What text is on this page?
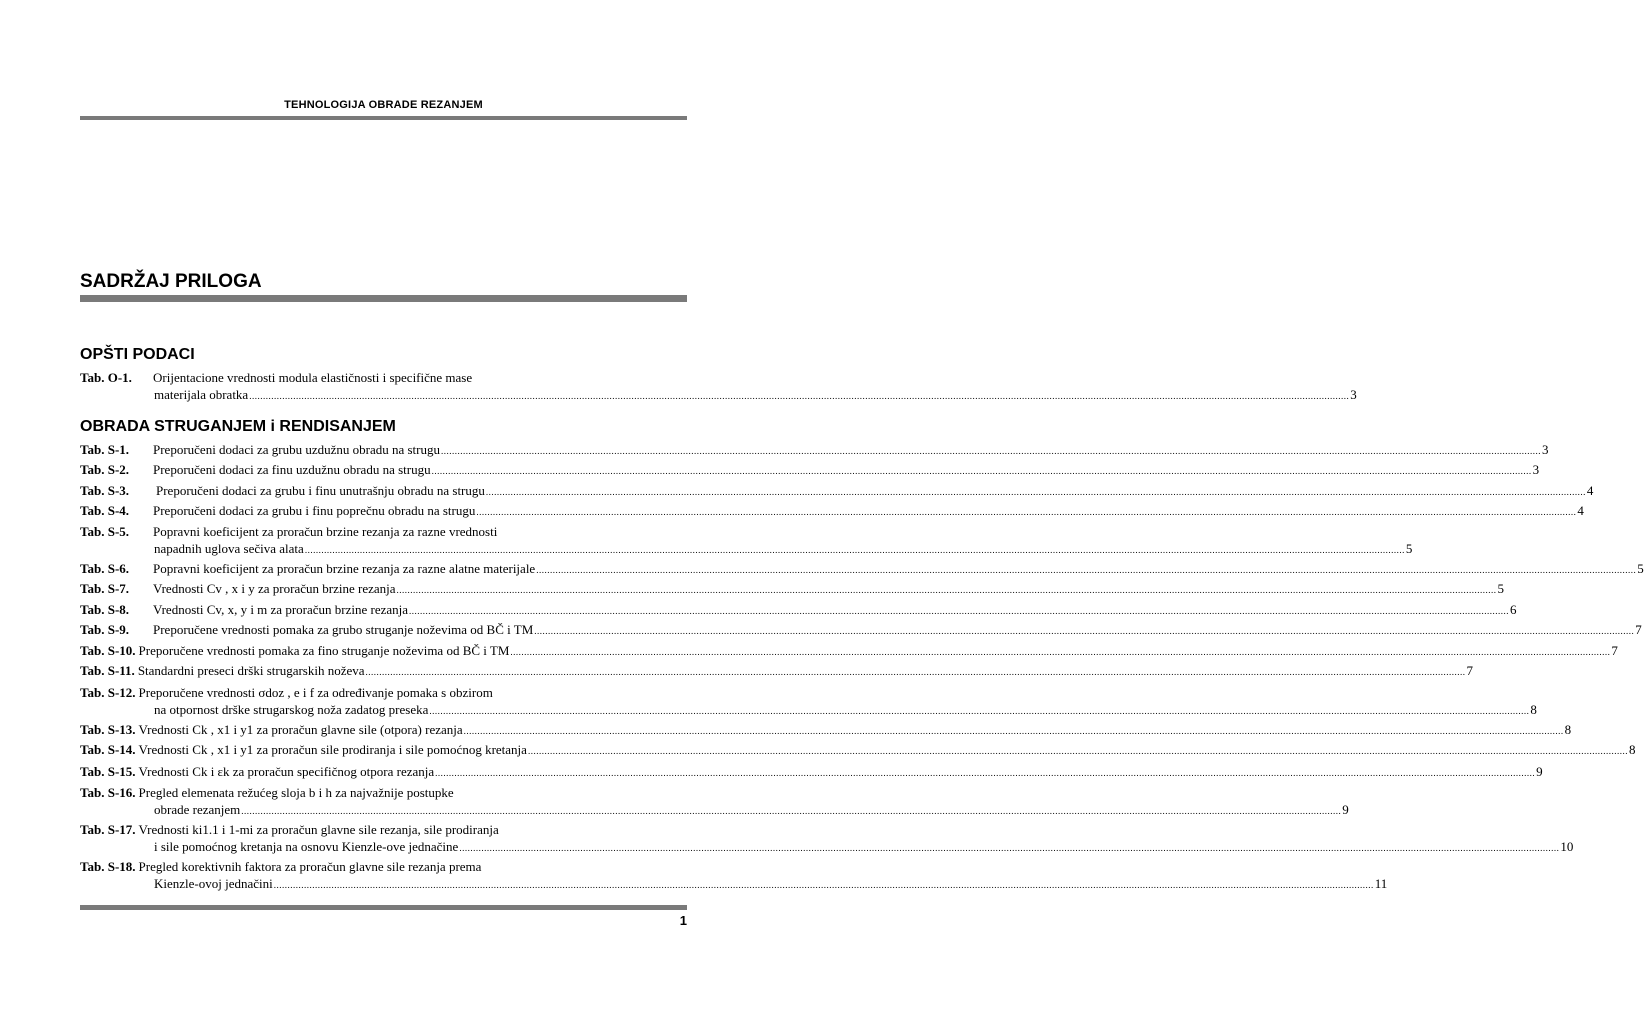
TEHNOLOGIJA OBRADE REZANJEM
SADRŽAJ PRILOGA
OPŠTI PODACI
OBRADA STRUGANJEM i RENDISANJEM
Tab. O-1.	Orijentacione vrednosti modula elastičnosti i specifične mase
materijala obratka ................................................................................................................................................................................................................................................................................................................................................................................................................ 3
Tab. S-1.	Preporučeni dodaci za grubu uzdužnu obradu na strugu ................................................................................................................................................................................................................................................................................................................................................................................................................ 3
Tab. S-2.	Preporučeni dodaci za finu uzdužnu obradu na strugu ................................................................................................................................................................................................................................................................................................................................................................................................................ 3
Tab. S-3.	Preporučeni dodaci za grubu i finu unutrašnju obradu na strugu ................................................................................................................................................................................................................................................................................................................................................................................................................ 4
Tab. S-4.	Preporučeni dodaci za grubu i finu poprečnu obradu na strugu ................................................................................................................................................................................................................................................................................................................................................................................................................ 4
Tab. S-5.	Popravni koeficijent za proračun brzine rezanja za razne vrednosti
napadnih uglova sečiva alata ................................................................................................................................................................................................................................................................................................................................................................................................................ 5
Tab. S-6.	Popravni koeficijent za proračun brzine rezanja za razne alatne materijale ................................................................................................................................................................................................................................................................................................................................................................................................................ 5
Tab. S-7.	Vrednosti Cv , x i y za proračun brzine rezanja ................................................................................................................................................................................................................................................................................................................................................................................................................ 5
Tab. S-8.	Vrednosti Cv, x, y i m za proračun brzine rezanja ................................................................................................................................................................................................................................................................................................................................................................................................................ 6
Tab. S-9.	Preporučene vrednosti pomaka za grubo struganje noževima od BČ i TM ................................................................................................................................................................................................................................................................................................................................................................................................................ 7
Tab. S-10. Preporučene vrednosti pomaka za fino struganje noževima od BČ i TM ................................................................................................................................................................................................................................................................................................................................................................................................................ 7
Tab. S-11. Standardni preseci drški strugarskih noževa ................................................................................................................................................................................................................................................................................................................................................................................................................ 7
Tab. S-12. Preporučene vrednosti σdoz , e i f za određivanje pomaka s obzirom
na otpornost drške strugarskog noža zadatog preseka ................................................................................................................................................................................................................................................................................................................................................................................................................ 8
Tab. S-13. Vrednosti Ck , x1 i y1 za proračun glavne sile (otpora) rezanja ................................................................................................................................................................................................................................................................................................................................................................................................................ 8
Tab. S-14. Vrednosti Ck , x1 i y1 za proračun sile prodiranja i sile pomoćnog kretanja ................................................................................................................................................................................................................................................................................................................................................................................................................ 8
Tab. S-15. Vrednosti Ck i εk za proračun specifičnog otpora rezanja ................................................................................................................................................................................................................................................................................................................................................................................................................ 9
Tab. S-16. Pregled elemenata režućeg sloja b i h za najvažnije postupke
obrade rezanjem ................................................................................................................................................................................................................................................................................................................................................................................................................ 9
Tab. S-17. Vrednosti ki1.1 i 1-mi za proračun glavne sile rezanja, sile prodiranja
i sile pomoćnog kretanja na osnovu Kienzle-ove jednačine ................................................................................................................................................................................................................................................................................................................................................................................................................ 10
Tab. S-18. Pregled korektivnih faktora za proračun glavne sile rezanja prema
Kienzle-ovoj jednačini ................................................................................................................................................................................................................................................................................................................................................................................................................ 11
1
